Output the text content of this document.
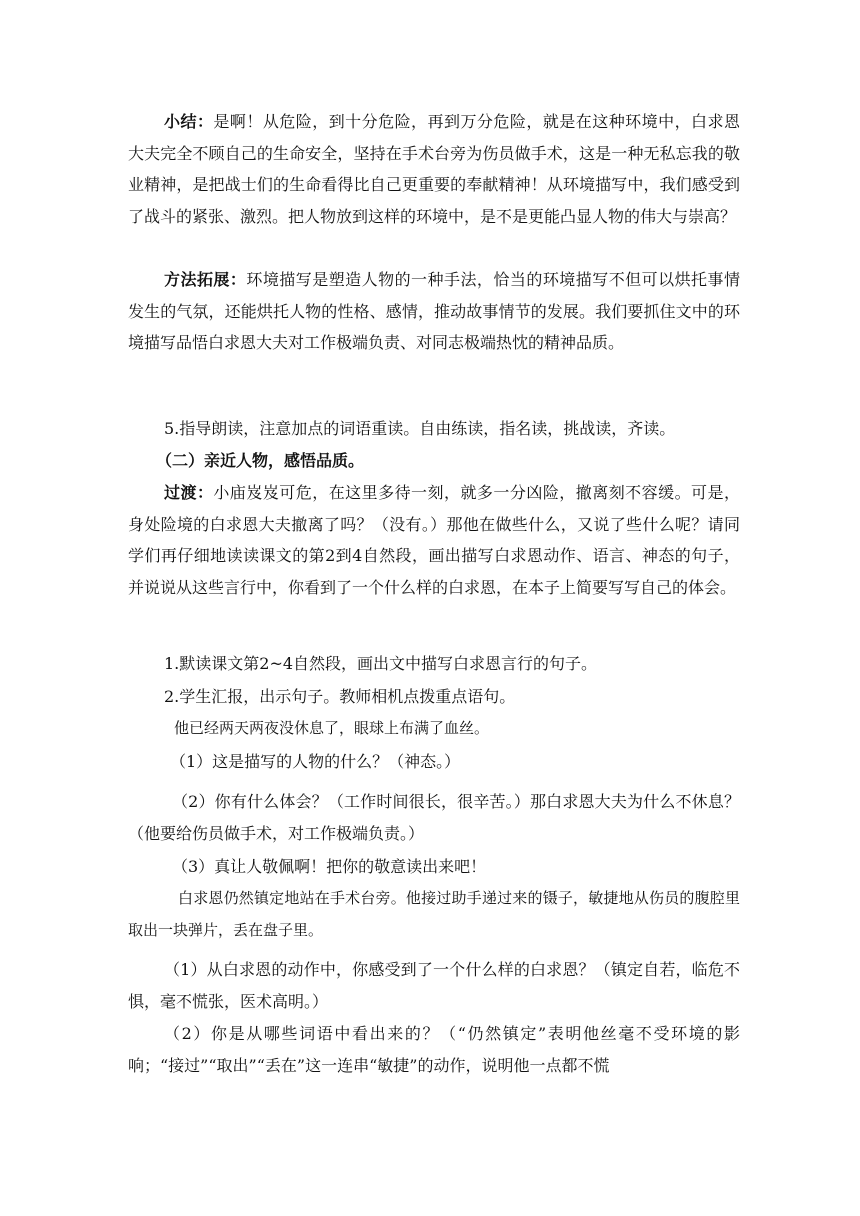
小结：是啊！从危险，到十分危险，再到万分危险，就是在这种环境中，白求恩大夫完全不顾自己的生命安全，坚持在手术台旁为伤员做手术，这是一种无私忘我的敬业精神，是把战士们的生命看得比自己更重要的奉献精神！从环境描写中，我们感受到了战斗的紧张、激烈。把人物放到这样的环境中，是不是更能凸显人物的伟大与崇高？

方法拓展：环境描写是塑造人物的一种手法，恰当的环境描写不但可以烘托事情发生的气氛，还能烘托人物的性格、感情，推动故事情节的发展。我们要抓住文中的环境描写品悟白求恩大夫对工作极端负责、对同志极端热忱的精神品质。

5.指导朗读，注意加点的词语重读。自由练读，指名读，挑战读，齐读。

（二）亲近人物，感悟品质。

过渡：小庙岌岌可危，在这里多待一刻，就多一分凶险，撤离刻不容缓。可是，身处险境的白求恩大夫撤离了吗？（没有。）那他在做些什么，又说了些什么呢？请同学们再仔细地读读课文的第2到4自然段，画出描写白求恩动作、语言、神态的句子，并说说从这些言行中，你看到了一个什么样的白求恩，在本子上简要写写自己的体会。

1.默读课文第2~4自然段，画出文中描写白求恩言行的句子。

2.学生汇报，出示句子。教师相机点拨重点语句。

他已经两天两夜没休息了，眼球上布满了血丝。

（1）这是描写的人物的什么？（神态。）

（2）你有什么体会？（工作时间很长，很辛苦。）那白求恩大夫为什么不休息？（他要给伤员做手术，对工作极端负责。）

（3）真让人敬佩啊！把你的敬意读出来吧！

白求恩仍然镇定地站在手术台旁。他接过助手递过来的镊子，敏捷地从伤员的腹腔里取出一块弹片，丢在盘子里。

（1）从白求恩的动作中，你感受到了一个什么样的白求恩？（镇定自若，临危不惧，毫不慌张，医术高明。）

（2）你是从哪些词语中看出来的？（“仍然镇定”表明他丝毫不受环境的影响；“接过”“取出”“丢在”这一连串“敏捷”的动作，说明他一点都不慌
